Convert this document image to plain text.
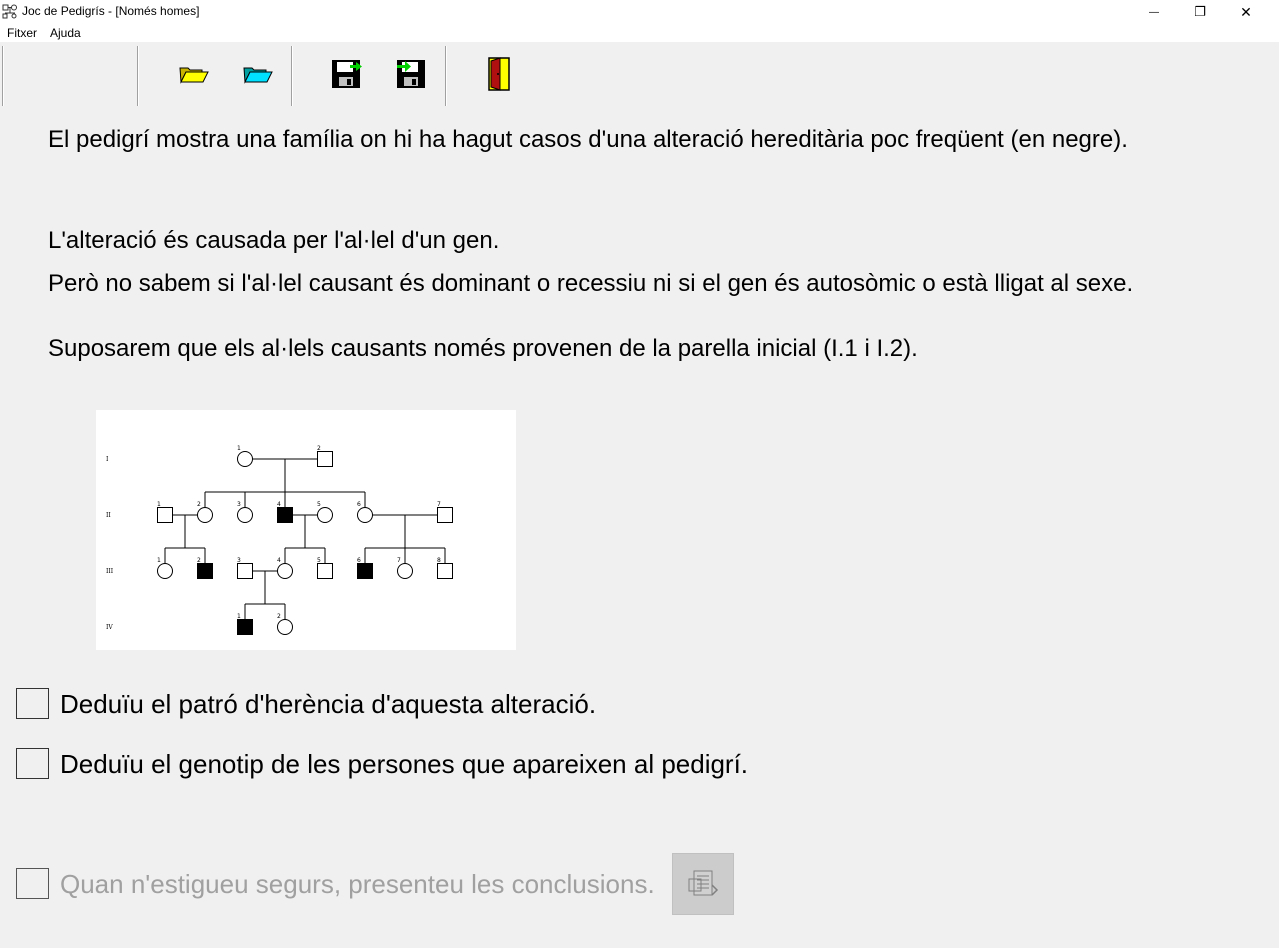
Joc de Pedigrís - [Només homes]	—	❐ ✕
Fitxer Ajuda
El pedigrí mostra una família on hi ha hagut casos d'una alteració hereditària poc freqüent (en negre).
L'alteració és causada per l'al·lel d'un gen.
Però no sabem si l'al·lel causant és dominant o recessiu ni si el gen és autosòmic o està lligat al sexe.
Suposarem que els al·lels causants només provenen de la parella inicial (I.1 i I.2).
I
II
III
IV
1	2
1	2	3	4	5	6	7
1	2	3	4	5	6	7	8
1	2
Deduïu el patró d'herència d'aquesta alteració.
Deduïu el genotip de les persones que apareixen al pedigrí.
Quan n'estigueu segurs, presenteu les conclusions.
